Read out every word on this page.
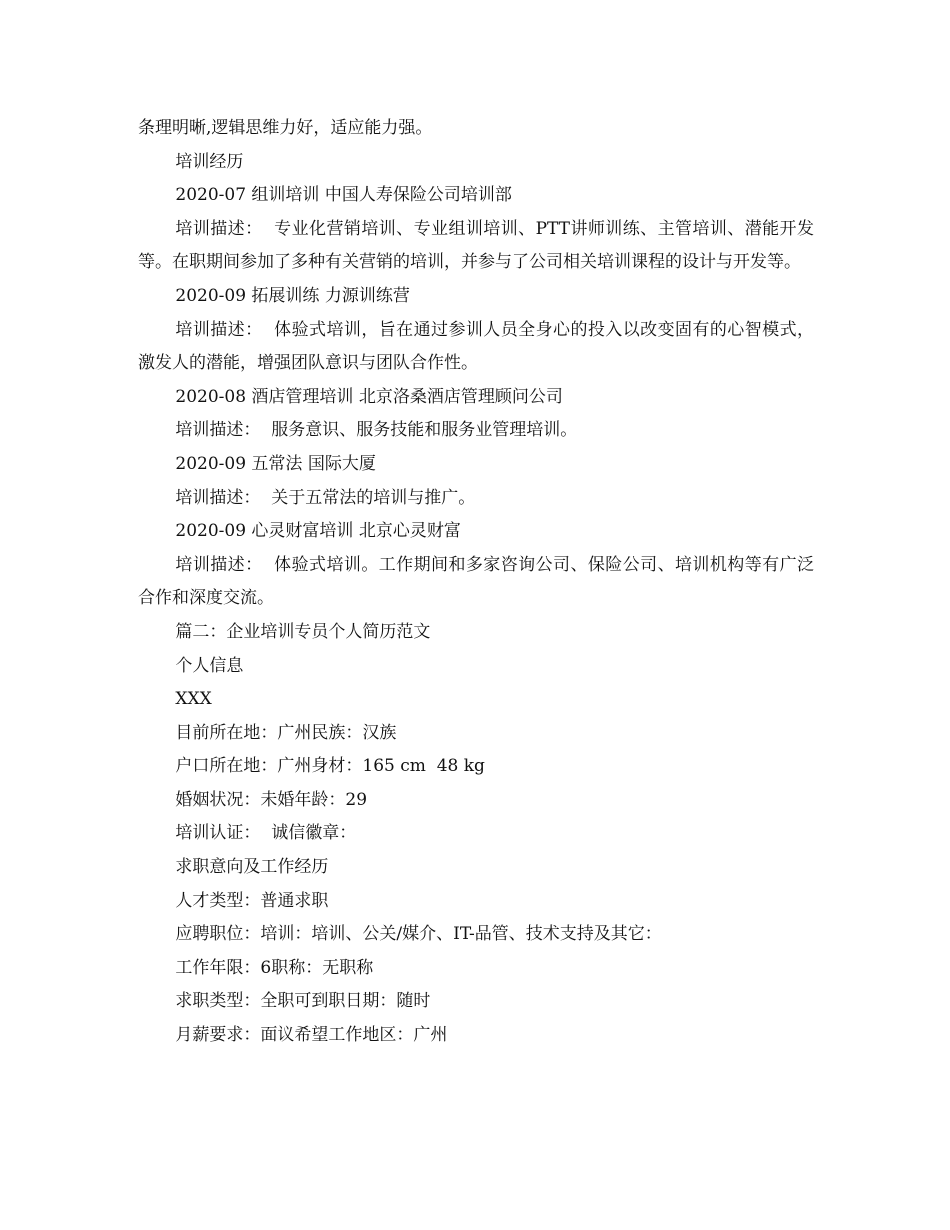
条理明晰,逻辑思维力好，适应能力强。

培训经历

2020-07 组训培训 中国人寿保险公司培训部

培训描述：  专业化营销培训、专业组训培训、PTT讲师训练、主管培训、潜能开发等。在职期间参加了多种有关营销的培训，并参与了公司相关培训课程的设计与开发等。

2020-09 拓展训练 力源训练营

培训描述：  体验式培训，旨在通过参训人员全身心的投入以改变固有的心智模式，激发人的潜能，增强团队意识与团队合作性。

2020-08 酒店管理培训 北京洛桑酒店管理顾问公司

培训描述：  服务意识、服务技能和服务业管理培训。

2020-09 五常法 国际大厦

培训描述：  关于五常法的培训与推广。

2020-09 心灵财富培训 北京心灵财富

培训描述：  体验式培训。工作期间和多家咨询公司、保险公司、培训机构等有广泛合作和深度交流。

篇二：企业培训专员个人简历范文

个人信息

XXX

目前所在地：广州民族：汉族

户口所在地：广州身材：165 cm  48 kg

婚姻状况：未婚年龄：29

培训认证：  诚信徽章：

求职意向及工作经历

人才类型：普通求职

应聘职位：培训：培训、公关/媒介、IT-品管、技术支持及其它：

工作年限：6职称：无职称

求职类型：全职可到职日期：随时

月薪要求：面议希望工作地区：广州
